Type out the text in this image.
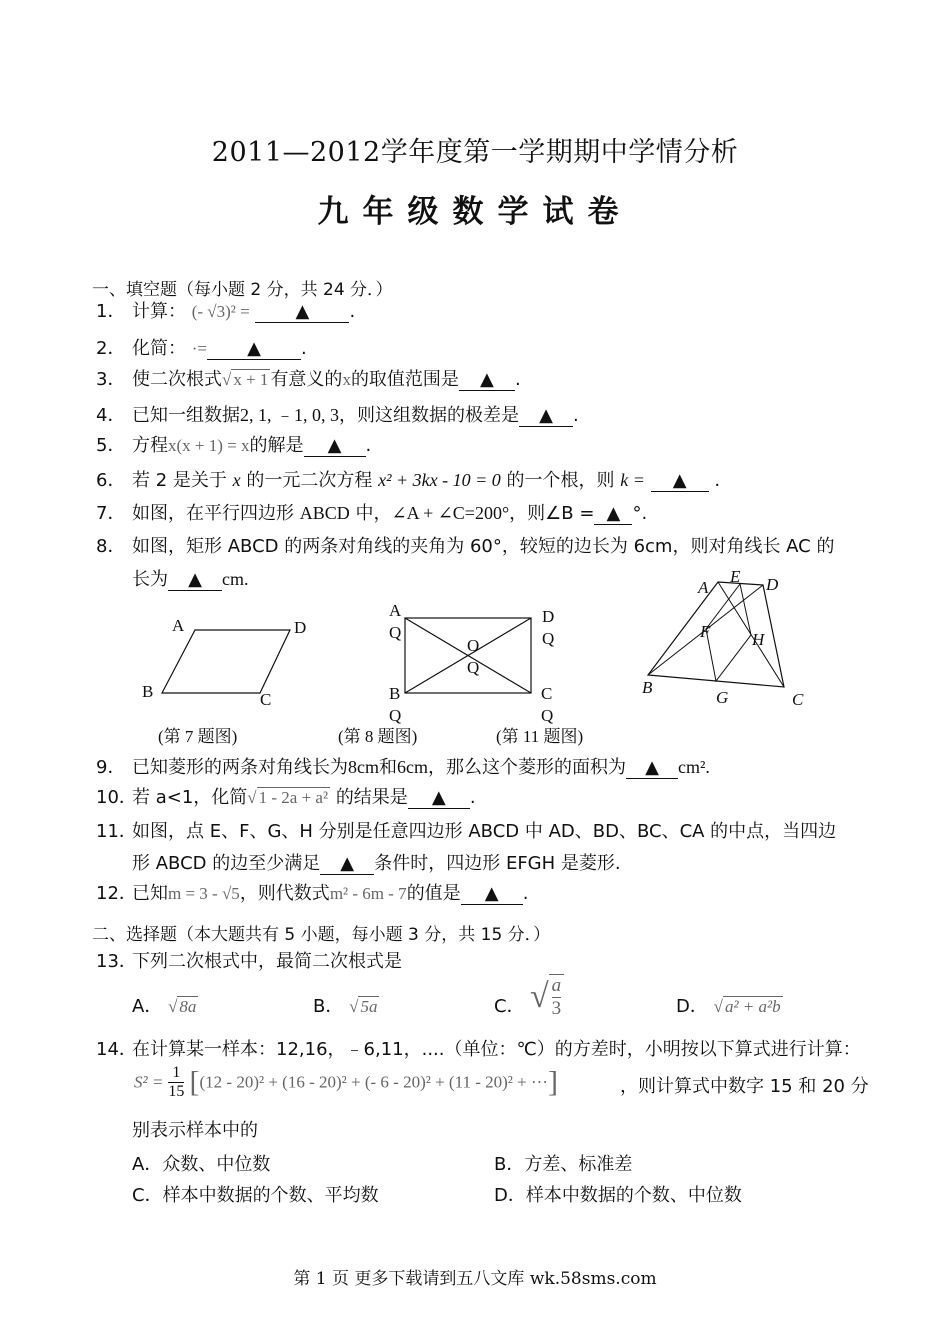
2011—2012学年度第一学期期中学情分析
九年级数学试卷
一、填空题（每小题 2 分，共 24 分．）
1． 计算： (- √3)² =	▲ .
2． 化简： ·= ▲ .
3． 使二次根式√ x + 1 有意义的x的取值范围是 ▲ .
4． 已知一组数据2, 1, ﹣1, 0, 3，则这组数据的极差是 ▲ .
5． 方程x(x + 1) = x的解是 ▲ .
6． 若 2 是关于 x 的一元二次方程 x² + 3kx - 10 = 0 的一个根，则 k = ▲ .
7． 如图，在平行四边形 ABCD 中，∠A + ∠C=200°，则∠B = ▲ °.
8． 如图，矩形 ABCD 的两条对角线的夹角为 60°，较短的边长为 6cm，则对角线长 AC 的
长为 ▲ cm.
A	D
B	C
(第 7 题图)
A
Q
D
Q
O
Q
B
Q
C
Q
(第 8 题图)
A
E D
F H
B
G	C
(第 11 题图)
9． 已知菱形的两条对角线长为8cm和6cm，那么这个菱形的面积为 ▲ cm².
10．若 a<1，化简√ 1 - 2a + a² 的结果是 ▲ .
11．如图，点 E、F、G、H 分别是任意四边形 ABCD 中 AD、BD、BC、CA 的中点，当四边
形 ABCD 的边至少满足 ▲ 条件时，四边形 EFGH 是菱形.
12．已知m = 3 - √5，则代数式m² - 6m - 7的值是 ▲ .
二、选择题（本大题共有 5 小题，每小题 3 分，共 15 分．）
13．下列二次根式中，最简二次根式是
A． √ 8a	B． √ 5a	C． √ $\frac{a}{3}$	D． √ a² + a²b
14．在计算某一样本：12,16，﹣6,11，....（单位：℃）的方差时，小明按以下算式进行计算：
$S^2 = \frac{1}{15} [(12 - 20)^2 + (16 - 20)^2$ + (- 6 - 20)² + (11 - 20)² + ···]	，则计算式中数字 15 和 20 分
别表示样本中的
A．众数、中位数	B．方差、标准差
C．样本中数据的个数、平均数	D．样本中数据的个数、中位数
第 1 页 更多下载请到五八文库 wk.58sms.com
